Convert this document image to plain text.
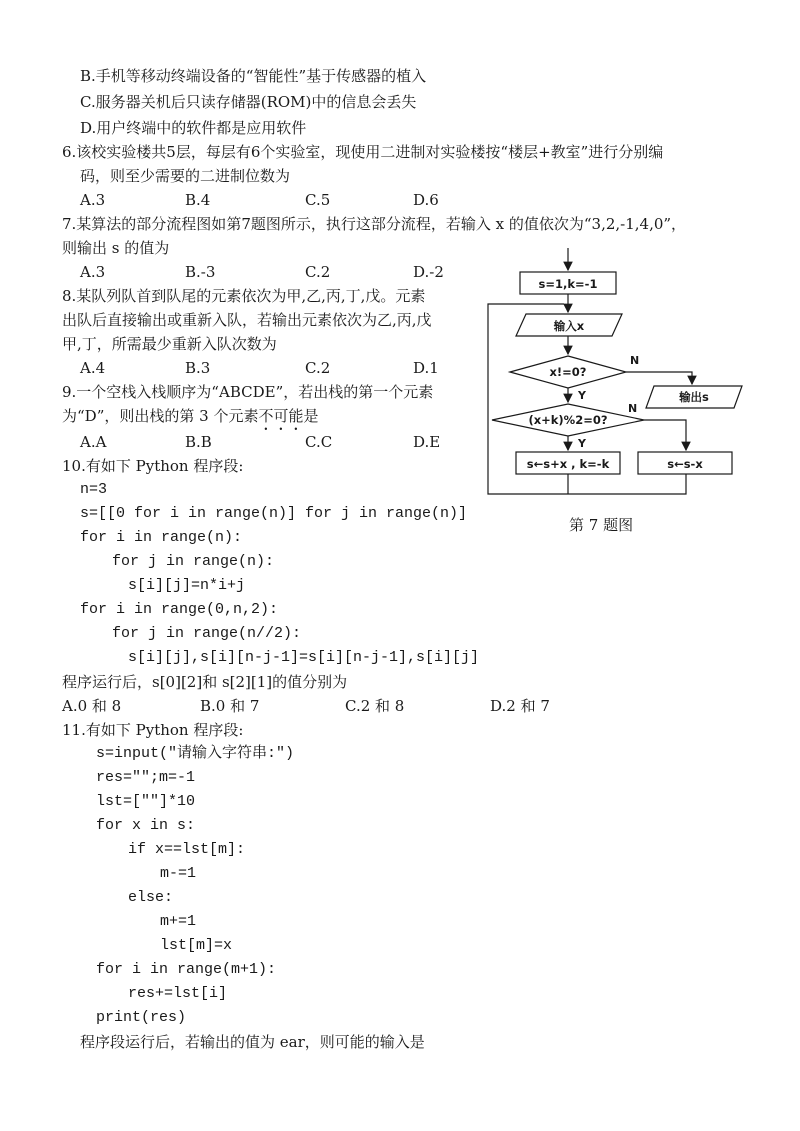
B.手机等移动终端设备的“智能性”基于传感器的植入
C.服务器关机后只读存储器(ROM)中的信息会丢失
D.用户终端中的软件都是应用软件
6.该校实验楼共5层，每层有6个实验室，现使用二进制对实验楼按“楼层+教室”进行分别编
码，则至少需要的二进制位数为
A.3	B.4	C.5	D.6
7.某算法的部分流程图如第7题图所示，执行这部分流程，若输入 x 的值依次为“3,2,-1,4,0”，
则输出 s 的值为
A.3	B.-3	C.2	D.-2
8.某队列队首到队尾的元素依次为甲,乙,丙,丁,戊。元素
出队后直接输出或重新入队，若输出元素依次为乙,丙,戊
甲,丁，所需最少重新入队次数为
A.4	B.3	C.2	D.1
9.一个空栈入栈顺序为“ABCDE”，若出栈的第一个元素
为“D”，则出栈的第 3 个元素不可能是
A.A	B.B	C.C	D.E
10.有如下 Python 程序段:
n=3
s=[[0 for i in range(n)] for j in range(n)]
for i in range(n):
for j in range(n):
s[i][j]=n*i+j
for i in range(0,n,2):
for j in range(n//2):
s[i][j],s[i][n-j-1]=s[i][n-j-1],s[i][j]
程序运行后，s[0][2]和 s[2][1]的值分别为
A.0 和 8	B.0 和 7	C.2 和 8	D.2 和 7
11.有如下 Python 程序段:
s=input("请输入字符串:")
res="";m=-1
lst=[""]*10
for x in s:
if x==lst[m]:
m-=1
else:
m+=1
lst[m]=x
for i in range(m+1):
res+=lst[i]
print(res)
程序段运行后，若输出的值为 ear，则可能的输入是
s=1,k=-1
输入x
x!=0?
N
Y	输出s
(x+k)%2=0?
N
Y
s←s+x , k=-k	s←s-x
第 7 题图
